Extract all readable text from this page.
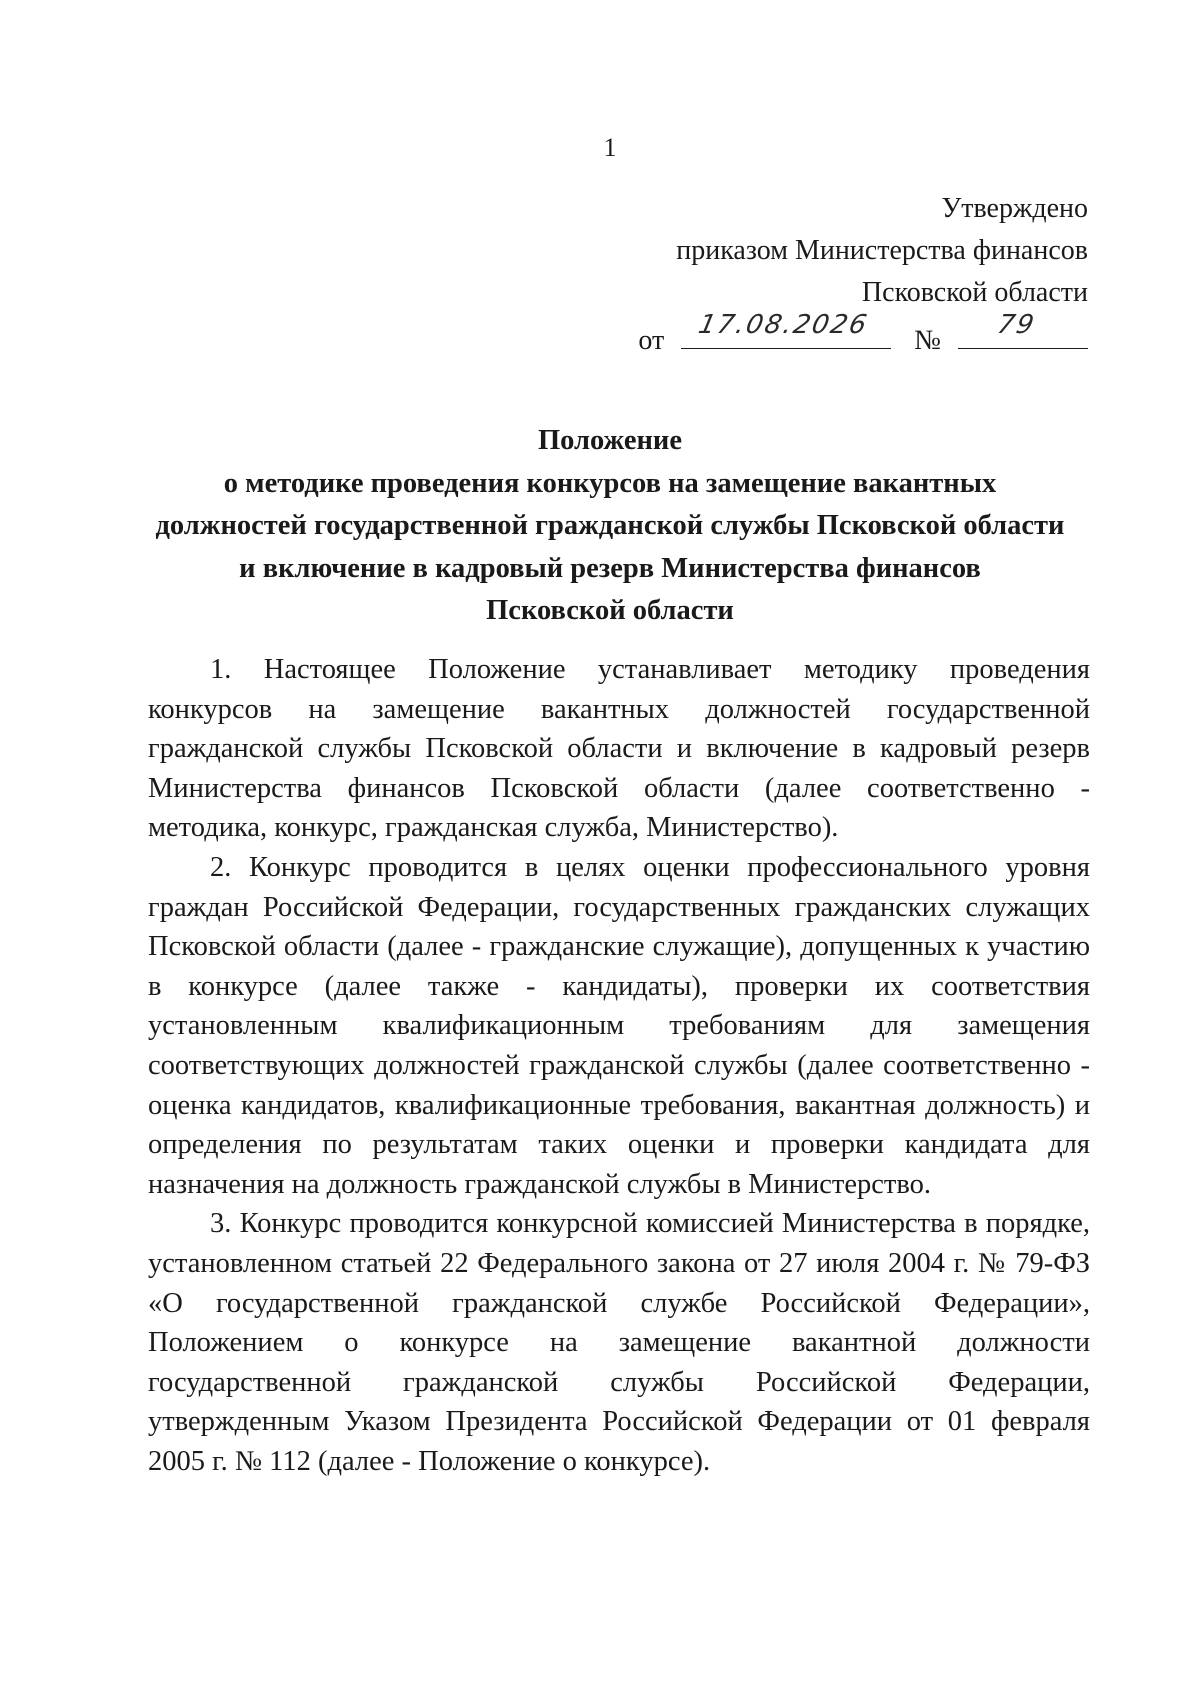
1
Утверждено
приказом Министерства финансов
Псковской области
от 17.08.2026 № 79
Положение
о методике проведения конкурсов на замещение вакантных
должностей государственной гражданской службы Псковской области
и включение в кадровый резерв Министерства финансов
Псковской области

1. Настоящее Положение устанавливает методику проведения конкурсов на замещение вакантных должностей государственной гражданской службы Псковской области и включение в кадровый резерв Министерства финансов Псковской области (далее соответственно - методика, конкурс, гражданская служба, Министерство).

2. Конкурс проводится в целях оценки профессионального уровня граждан Российской Федерации, государственных гражданских служащих Псковской области (далее - гражданские служащие), допущенных к участию в конкурсе (далее также - кандидаты), проверки их соответствия установленным квалификационным требованиям для замещения соответствующих должностей гражданской службы (далее соответственно - оценка кандидатов, квалификационные требования, вакантная должность) и определения по результатам таких оценки и проверки кандидата для назначения на должность гражданской службы в Министерство.

3. Конкурс проводится конкурсной комиссией Министерства в порядке, установленном статьей 22 Федерального закона от 27 июля 2004 г. № 79-ФЗ «О государственной гражданской службе Российской Федерации», Положением о конкурсе на замещение вакантной должности государственной гражданской службы Российской Федерации, утвержденным Указом Президента Российской Федерации от 01 февраля 2005 г. № 112 (далее - Положение о конкурсе).
